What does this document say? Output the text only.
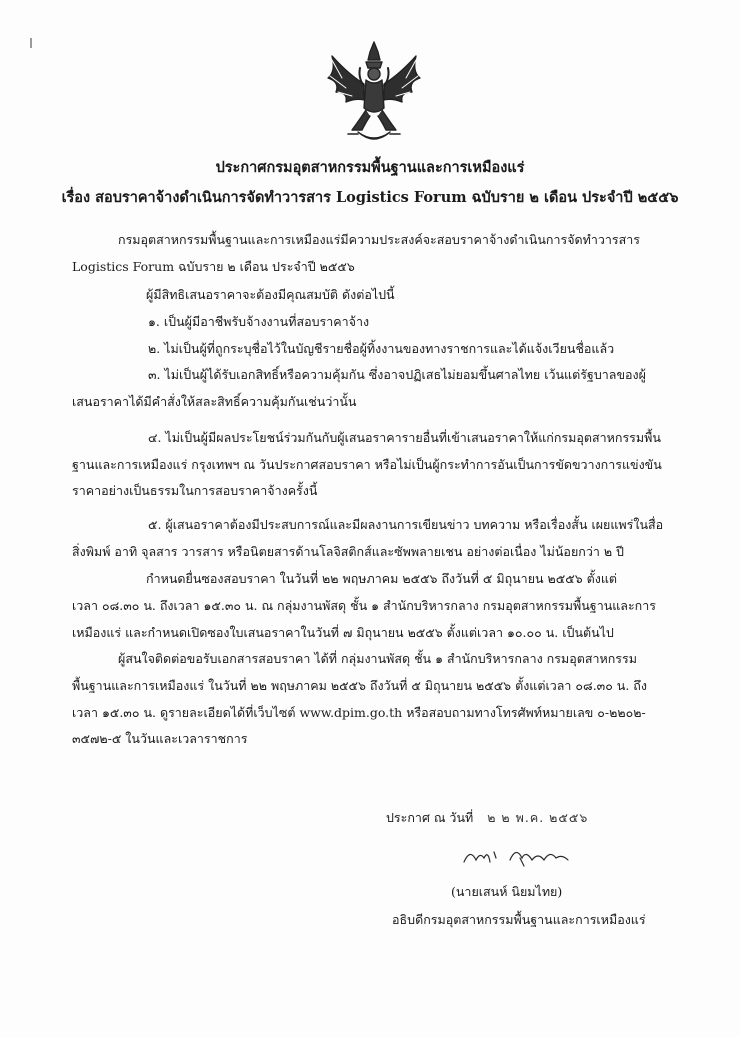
ประกาศกรมอุตสาหกรรมพื้นฐานและการเหมืองแร่
เรื่อง สอบราคาจ้างดำเนินการจัดทำวารสาร Logistics Forum ฉบับราย ๒ เดือน ประจำปี ๒๕๕๖
กรมอุตสาหกรรมพื้นฐานและการเหมืองแร่มีความประสงค์จะสอบราคาจ้างดำเนินการจัดทำวารสาร
Logistics Forum ฉบับราย ๒ เดือน ประจำปี ๒๕๕๖
ผู้มีสิทธิเสนอราคาจะต้องมีคุณสมบัติ ดังต่อไปนี้
๑. เป็นผู้มีอาชีพรับจ้างงานที่สอบราคาจ้าง
๒. ไม่เป็นผู้ที่ถูกระบุชื่อไว้ในบัญชีรายชื่อผู้ทิ้งงานของทางราชการและได้แจ้งเวียนชื่อแล้ว
๓. ไม่เป็นผู้ได้รับเอกสิทธิ์หรือความคุ้มกัน ซึ่งอาจปฏิเสธไม่ยอมขึ้นศาลไทย เว้นแต่รัฐบาลของผู้
เสนอราคาได้มีคำสั่งให้สละสิทธิ์ความคุ้มกันเช่นว่านั้น
๔. ไม่เป็นผู้มีผลประโยชน์ร่วมกันกับผู้เสนอราคารายอื่นที่เข้าเสนอราคาให้แก่กรมอุตสาหกรรมพื้น
ฐานและการเหมืองแร่ กรุงเทพฯ ณ วันประกาศสอบราคา หรือไม่เป็นผู้กระทำการอันเป็นการขัดขวางการแข่งขัน
ราคาอย่างเป็นธรรมในการสอบราคาจ้างครั้งนี้
๕. ผู้เสนอราคาต้องมีประสบการณ์และมีผลงานการเขียนข่าว บทความ หรือเรื่องสั้น เผยแพร่ในสื่อ
สิ่งพิมพ์ อาทิ จุลสาร วารสาร หรือนิตยสารด้านโลจิสติกส์และซัพพลายเชน อย่างต่อเนื่อง ไม่น้อยกว่า ๒ ปี
กำหนดยื่นซองสอบราคา ในวันที่ ๒๒ พฤษภาคม ๒๕๕๖ ถึงวันที่ ๕ มิถุนายน ๒๕๕๖ ตั้งแต่
เวลา ๐๘.๓๐ น. ถึงเวลา ๑๕.๓๐ น. ณ กลุ่มงานพัสดุ ชั้น ๑ สำนักบริหารกลาง กรมอุตสาหกรรมพื้นฐานและการ
เหมืองแร่ และกำหนดเปิดซองใบเสนอราคาในวันที่ ๗ มิถุนายน ๒๕๕๖ ตั้งแต่เวลา ๑๐.๐๐ น. เป็นต้นไป
ผู้สนใจติดต่อขอรับเอกสารสอบราคา ได้ที่ กลุ่มงานพัสดุ ชั้น ๑ สำนักบริหารกลาง กรมอุตสาหกรรม
พื้นฐานและการเหมืองแร่ ในวันที่ ๒๒ พฤษภาคม ๒๕๕๖ ถึงวันที่ ๕ มิถุนายน ๒๕๕๖ ตั้งแต่เวลา ๐๘.๓๐ น. ถึง
เวลา ๑๕.๓๐ น. ดูรายละเอียดได้ที่เว็บไซต์ www.dpim.go.th หรือสอบถามทางโทรศัพท์หมายเลข ๐-๒๒๐๒-
๓๕๗๒-๕ ในวันและเวลาราชการ
ประกาศ ณ วันที่ ๒ ๒ พ.ค. ๒๕๕๖
(นายเสนห์ นิยมไทย)
อธิบดีกรมอุตสาหกรรมพื้นฐานและการเหมืองแร่
